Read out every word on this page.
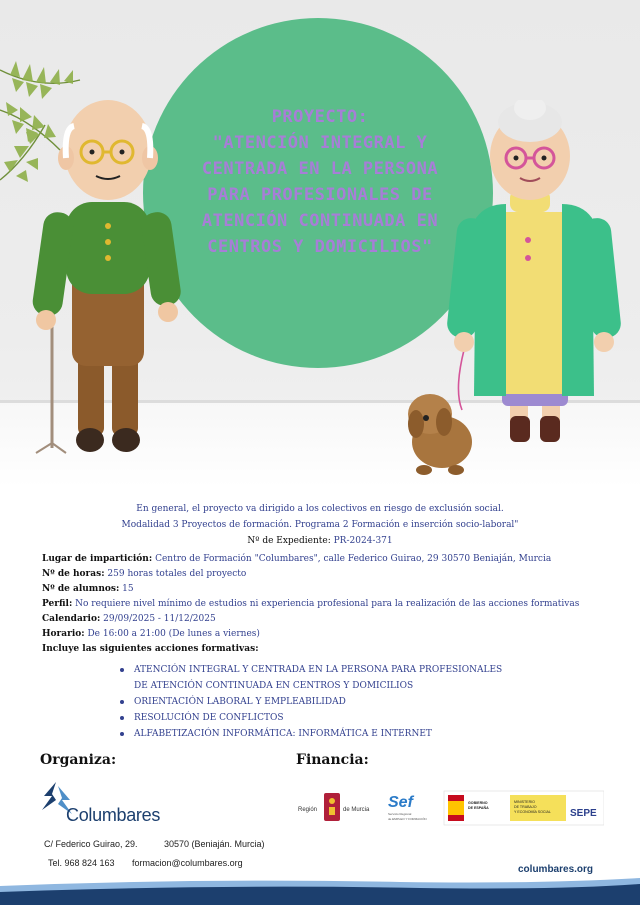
PROYECTO:
"ATENCIÓN INTEGRAL Y
CENTRADA EN LA PERSONA
PARA PROFESIONALES DE
ATENCIÓN CONTINUADA EN
CENTROS Y DOMICILIOS"
En general, el proyecto va dirigido a los colectivos en riesgo de exclusión social.
Modalidad 3 Proyectos de formación. Programa 2 Formación e inserción socio-laboral"
Nº de Expediente: PR-2024-371
Lugar de impartición: Centro de Formación "Columbares", calle Federico Guirao, 29 30570 Beniaján, Murcia
Nº de horas: 259 horas totales del proyecto
Nº de alumnos: 15
Perfil: No requiere nivel mínimo de estudios ni experiencia profesional para la realización de las acciones formativas
Calendario: 29/09/2025 - 11/12/2025
Horario: De 16:00 a 21:00 (De lunes a viernes)
Incluye las siguientes acciones formativas:
ATENCIÓN INTEGRAL Y CENTRADA EN LA PERSONA PARA PROFESIONALES
DE ATENCIÓN CONTINUADA EN CENTROS Y DOMICILIOS
ORIENTACIÓN LABORAL Y EMPLEABILIDAD
RESOLUCIÓN DE CONFLICTOS
ALFABETIZACIÓN INFORMÁTICA: INFORMÁTICA E INTERNET
Organiza:	Financia:
Columbares
C/ Federico Guirao, 29.	30570 (Beniaján. Murcia)
Tel. 968 824 163 formacion@columbares.org
Región	de Murcia Sef
Servicio Regional
de EMPLEO Y FORMACIÓN
GOBIERNO
DE ESPAÑA
MINISTERIO
DE TRABAJO
Y ECONOMÍA SOCIAL SEPE
columbares.org
